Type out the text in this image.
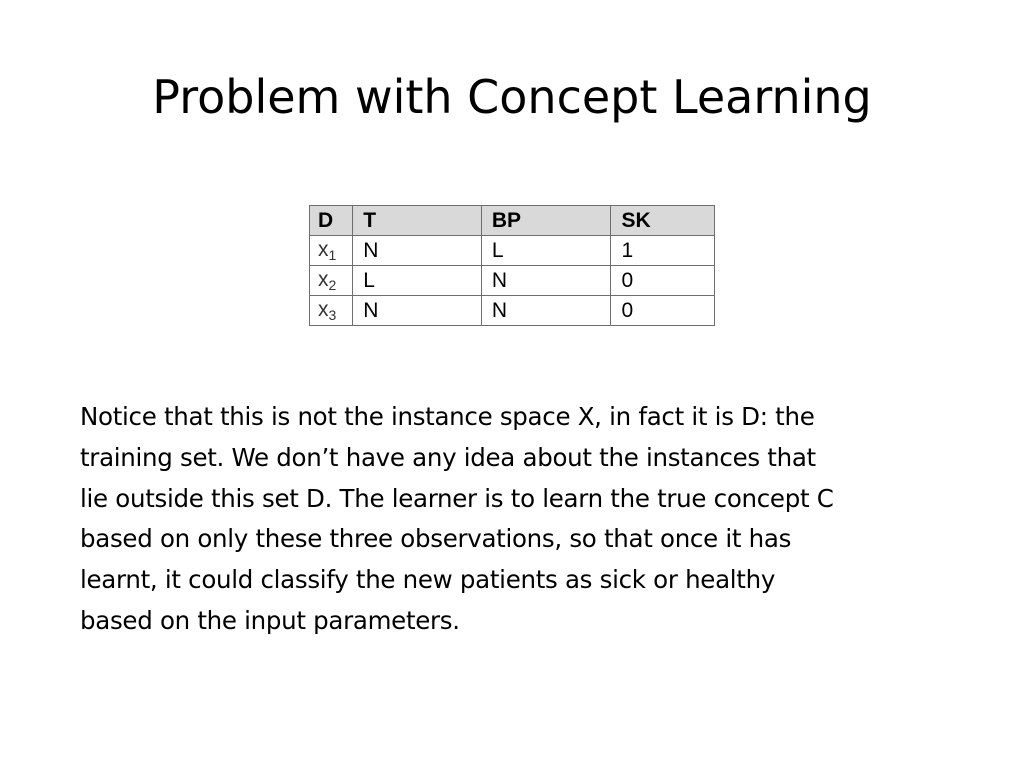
Problem with Concept Learning
D	T	BP	SK
$x_1$	N	L	1
$x_2$	L	N	0
$x_3$	N	N	0

Notice that this is not the instance space X, in fact it is D: the
training set. We don’t have any idea about the instances that
lie outside this set D. The learner is to learn the true concept C
based on only these three observations, so that once it has
learnt, it could classify the new patients as sick or healthy
based on the input parameters.
